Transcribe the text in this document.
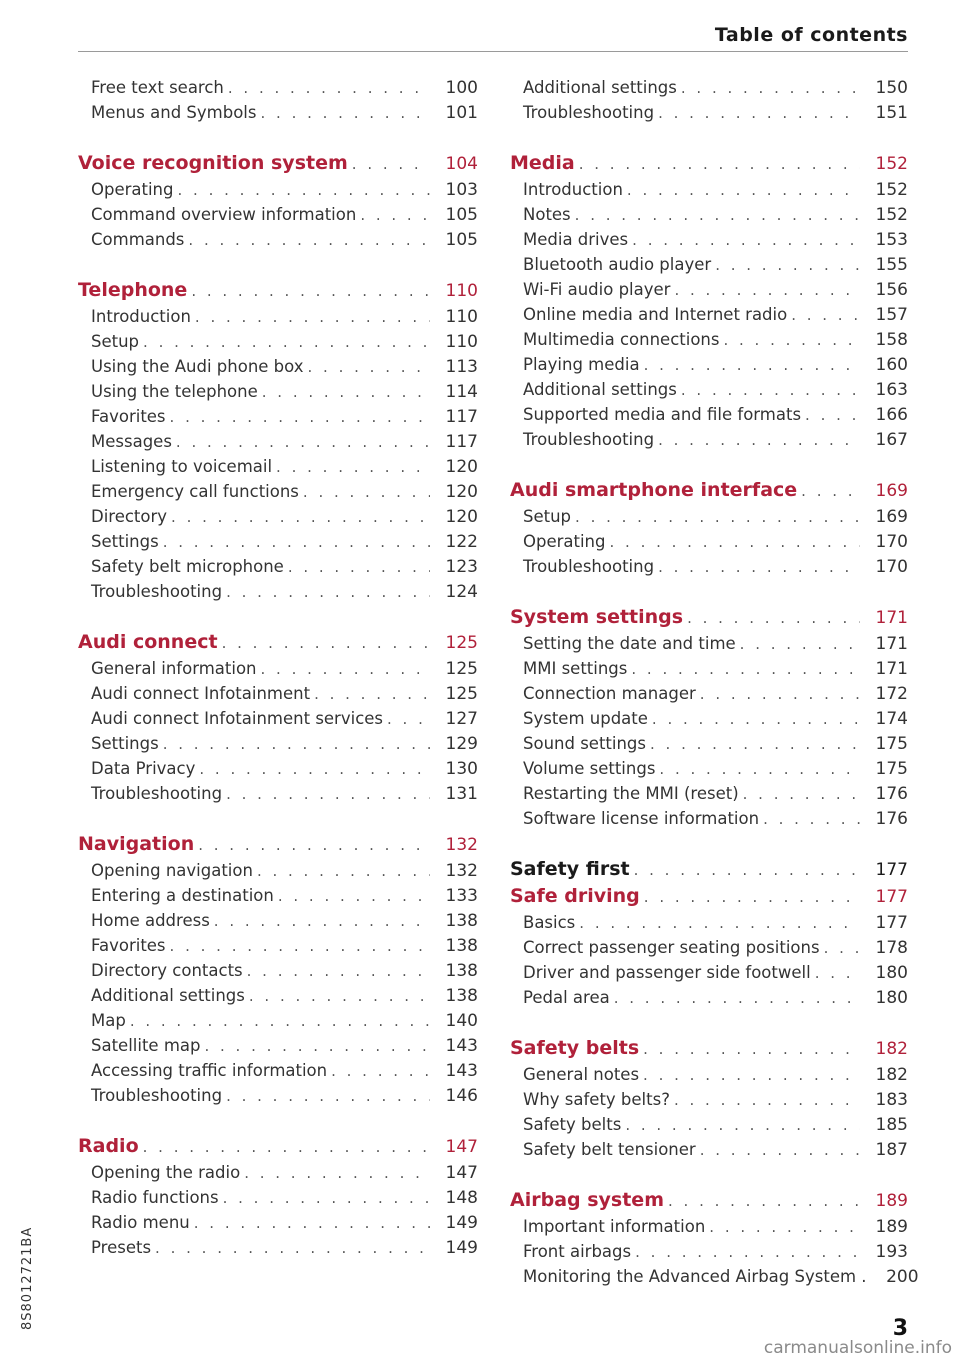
Table of contents
Free text search . . .	100
Menus and Symbols . . .	101
Voice recognition system . . .	104
Operating . . .	103
Command overview information . . .	105
Commands . . .	105
Telephone . . .	110
Introduction . . .	110
Setup . . .	110
Using the Audi phone box . . .	113
Using the telephone . . .	114
Favorites . . .	117
Messages . . .	117
Listening to voicemail . . .	120
Emergency call functions . . .	120
Directory . . .	120
Settings . . .	122
Safety belt microphone . . .	123
Troubleshooting . . .	124
Audi connect . . .	125
General information . . .	125
Audi connect Infotainment . . .	125
Audi connect Infotainment services . . .	127
Settings . . .	129
Data Privacy . . .	130
Troubleshooting . . .	131
Navigation . . .	132
Opening navigation . . .	132
Entering a destination . . .	133
Home address . . .	138
Favorites . . .	138
Directory contacts . . .	138
Additional settings . . .	138
Map . . .	140
Satellite map . . .	143
Accessing traffic information . . .	143
Troubleshooting . . .	146
Radio . . .	147
Opening the radio . . .	147
Radio functions . . .	148
Radio menu . . .	149
Presets . . .	149
Additional settings . . .	150
Troubleshooting . . .	151
Media . . .	152
Introduction . . .	152
Notes . . .	152
Media drives . . .	153
Bluetooth audio player . . .	155
Wi-Fi audio player . . .	156
Online media and Internet radio . . .	157
Multimedia connections . . .	158
Playing media . . .	160
Additional settings . . .	163
Supported media and file formats . . .	166
Troubleshooting . . .	167
Audi smartphone interface . . .	169
Setup . . .	169
Operating . . .	170
Troubleshooting . . .	170
System settings . . .	171
Setting the date and time . . .	171
MMI settings . . .	171
Connection manager . . .	172
System update . . .	174
Sound settings . . .	175
Volume settings . . .	175
Restarting the MMI (reset) . . .	176
Software license information . . .	176
Safety first . . .	177
Safe driving . . .	177
Basics . . .	177
Correct passenger seating positions . . .	178
Driver and passenger side footwell . . .	180
Pedal area . . .	180
Safety belts . . .	182
General notes . . .	182
Why safety belts? . . .	183
Safety belts . . .	185
Safety belt tensioner . . .	187
Airbag system . . .	189
Important information . . .	189
Front airbags . . .	193
Monitoring the Advanced Airbag System .	200
8S8012721BA	3
carmanualsonline.info
